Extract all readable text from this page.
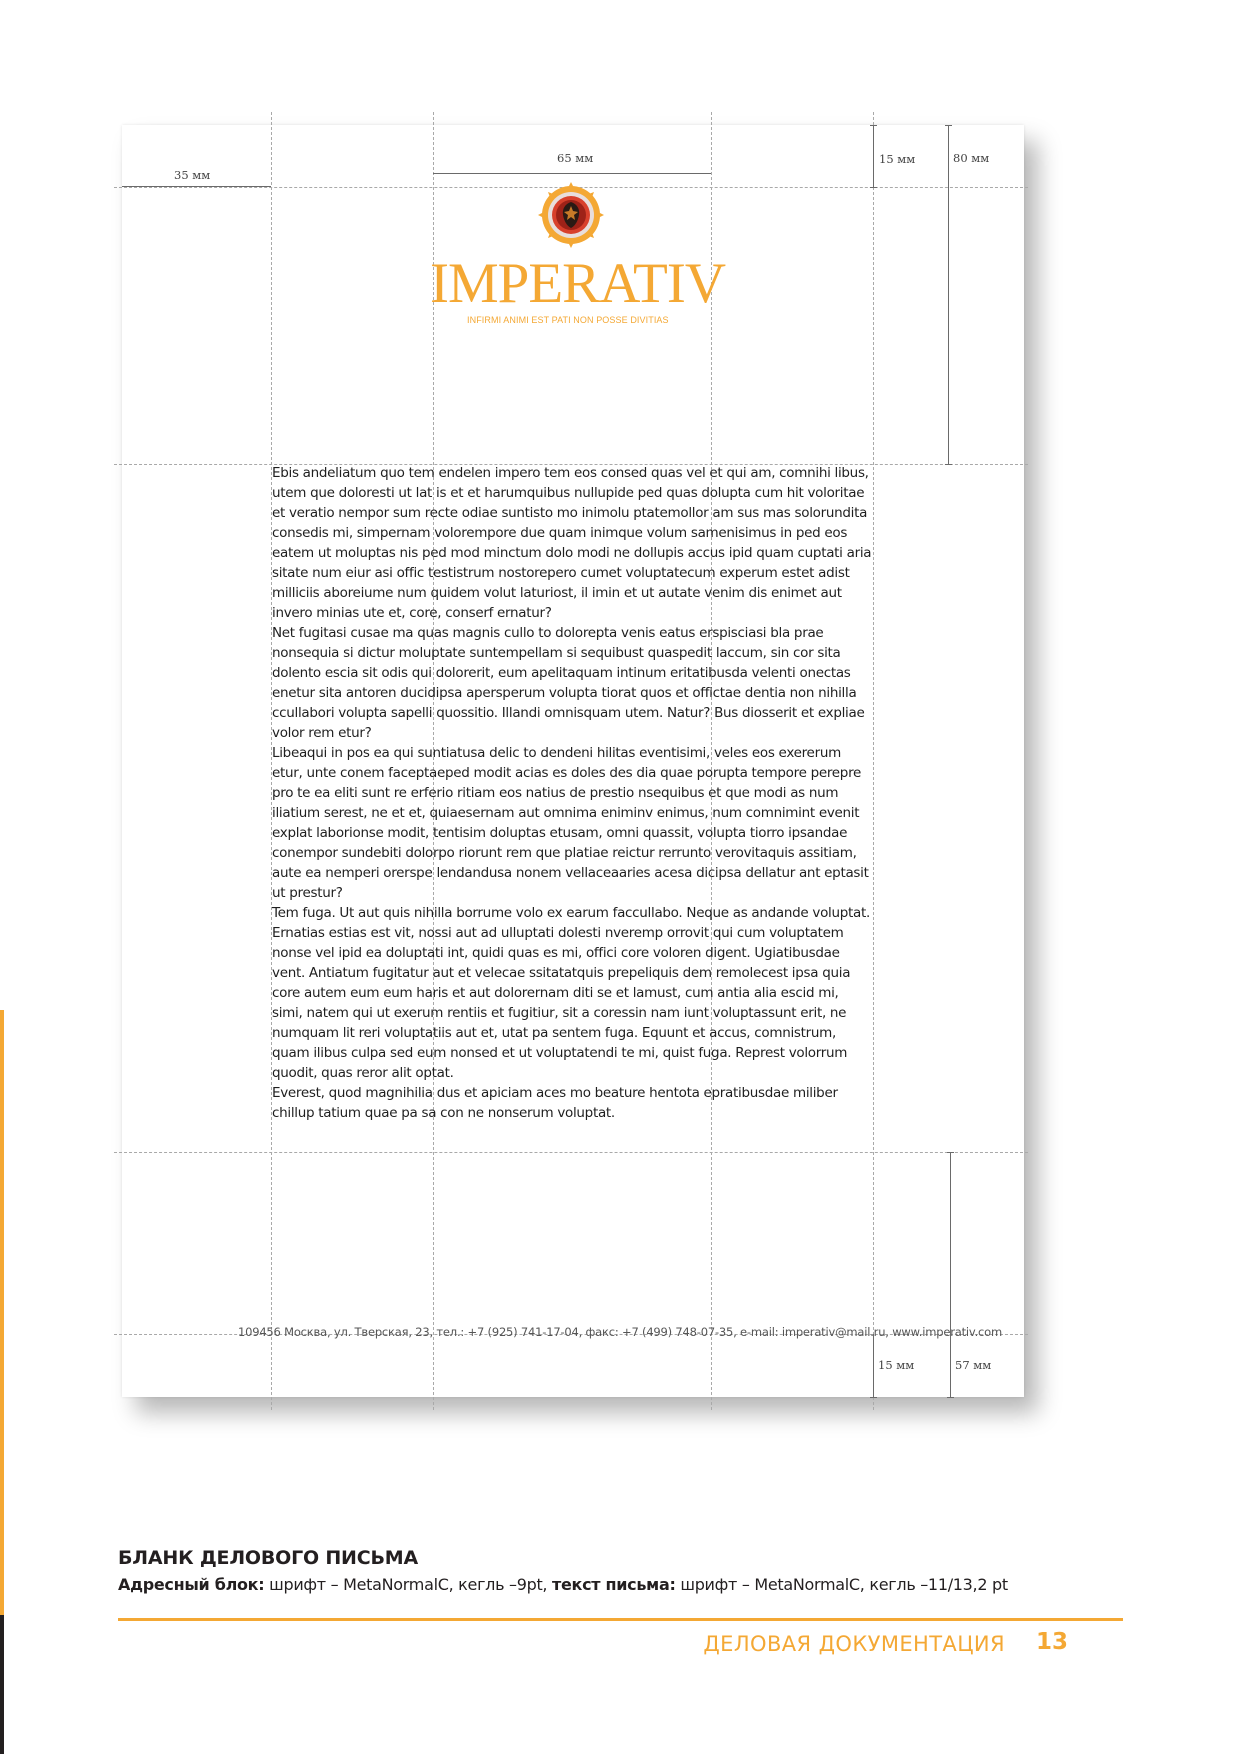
35 мм
65 мм	15 мм	80 мм
15 мм	57 мм
IMPERATIV
INFIRMI ANIMI EST PATI NON POSSE DIVITIAS

Ebis andeliatum quo tem endelen impero tem eos consed quas vel et qui am, comnihi libus, utem que doloresti ut lat is et et harumquibus nullupide ped quas dolupta cum hit voloritae et veratio nempor sum recte odiae suntisto mo inimolu ptatemollor am sus mas solorundita consedis mi, simpernam volorempore due quam inimque volum samenisimus in ped eos eatem ut moluptas nis ped mod minctum dolo modi ne dollupis accus ipid quam cuptati aria sitate num eiur asi offic testistrum nostorepero cumet voluptatecum experum estet adist milliciis aboreiume num quidem volut laturiost, il imin et ut autate venim dis enimet aut invero minias ute et, core, conserf ernatur?

Net fugitasi cusae ma quas magnis cullo to dolorepta venis eatus erspisciasi bla prae nonsequia si dictur moluptate suntempellam si sequibust quaspedit laccum, sin cor sita dolento escia sit odis qui dolorerit, eum apelitaquam intinum eritatibusda velenti onectas enetur sita antoren ducidipsa apersperum volupta tiorat quos et offictae dentia non nihilla ccullabori volupta sapelli quossitio. Illandi omnisquam utem. Natur? Bus diosserit et expliae volor rem etur?

Libeaqui in pos ea qui suntiatusa delic to dendeni hilitas eventisimi, veles eos exererum etur, unte conem faceptaeped modit acias es doles des dia quae porupta tempore perepre pro te ea eliti sunt re erferio ritiam eos natius de prestio nsequibus et que modi as num iliatium serest, ne et et, quiaesernam aut omnima eniminv enimus, num comnimint evenit explat laborionse modit, tentisim doluptas etusam, omni quassit, volupta tiorro ipsandae conempor sundebiti dolorpo riorunt rem que platiae reictur rerrunto verovitaquis assitiam, aute ea nemperi orerspe lendandusa nonem vellaceaaries acesa dicipsa dellatur ant eptasit ut prestur?

Tem fuga. Ut aut quis nihilla borrume volo ex earum faccullabo. Neque as andande voluptat.

Ernatias estias est vit, nossi aut ad ulluptati dolesti nveremp orrovit qui cum voluptatem nonse vel ipid ea doluptati int, quidi quas es mi, offici core voloren digent. Ugiatibusdae vent. Antiatum fugitatur aut et velecae ssitatatquis prepeliquis dem remolecest ipsa quia core autem eum eum haris et aut dolorernam diti se et lamust, cum antia alia escid mi, simi, natem qui ut exerum rentiis et fugitiur, sit a coressin nam iunt voluptassunt erit, ne numquam lit reri voluptatiis aut et, utat pa sentem fuga. Equunt et accus, comnistrum, quam ilibus culpa sed eum nonsed et ut voluptatendi te mi, quist fuga. Represt volorrum quodit, quas reror alit optat.

Everest, quod magnihilia dus et apiciam aces mo beature hentota epratibusdae miliber chillup tatium quae pa sa con ne nonserum voluptat.

109456 Москва, ул. Тверская, 23, тел.: +7 (925) 741-17-04, факс: +7 (499) 748-07-35, e-mail: imperativ@mail.ru, www.imperativ.com
БЛАНК ДЕЛОВОГО ПИСЬМА
Адресный блок: шрифт – MetaNormalC, кегль –9pt, текст письма: шрифт – MetaNormalC, кегль –11/13,2 pt
ДЕЛОВАЯ ДОКУМЕНТАЦИЯ 13
